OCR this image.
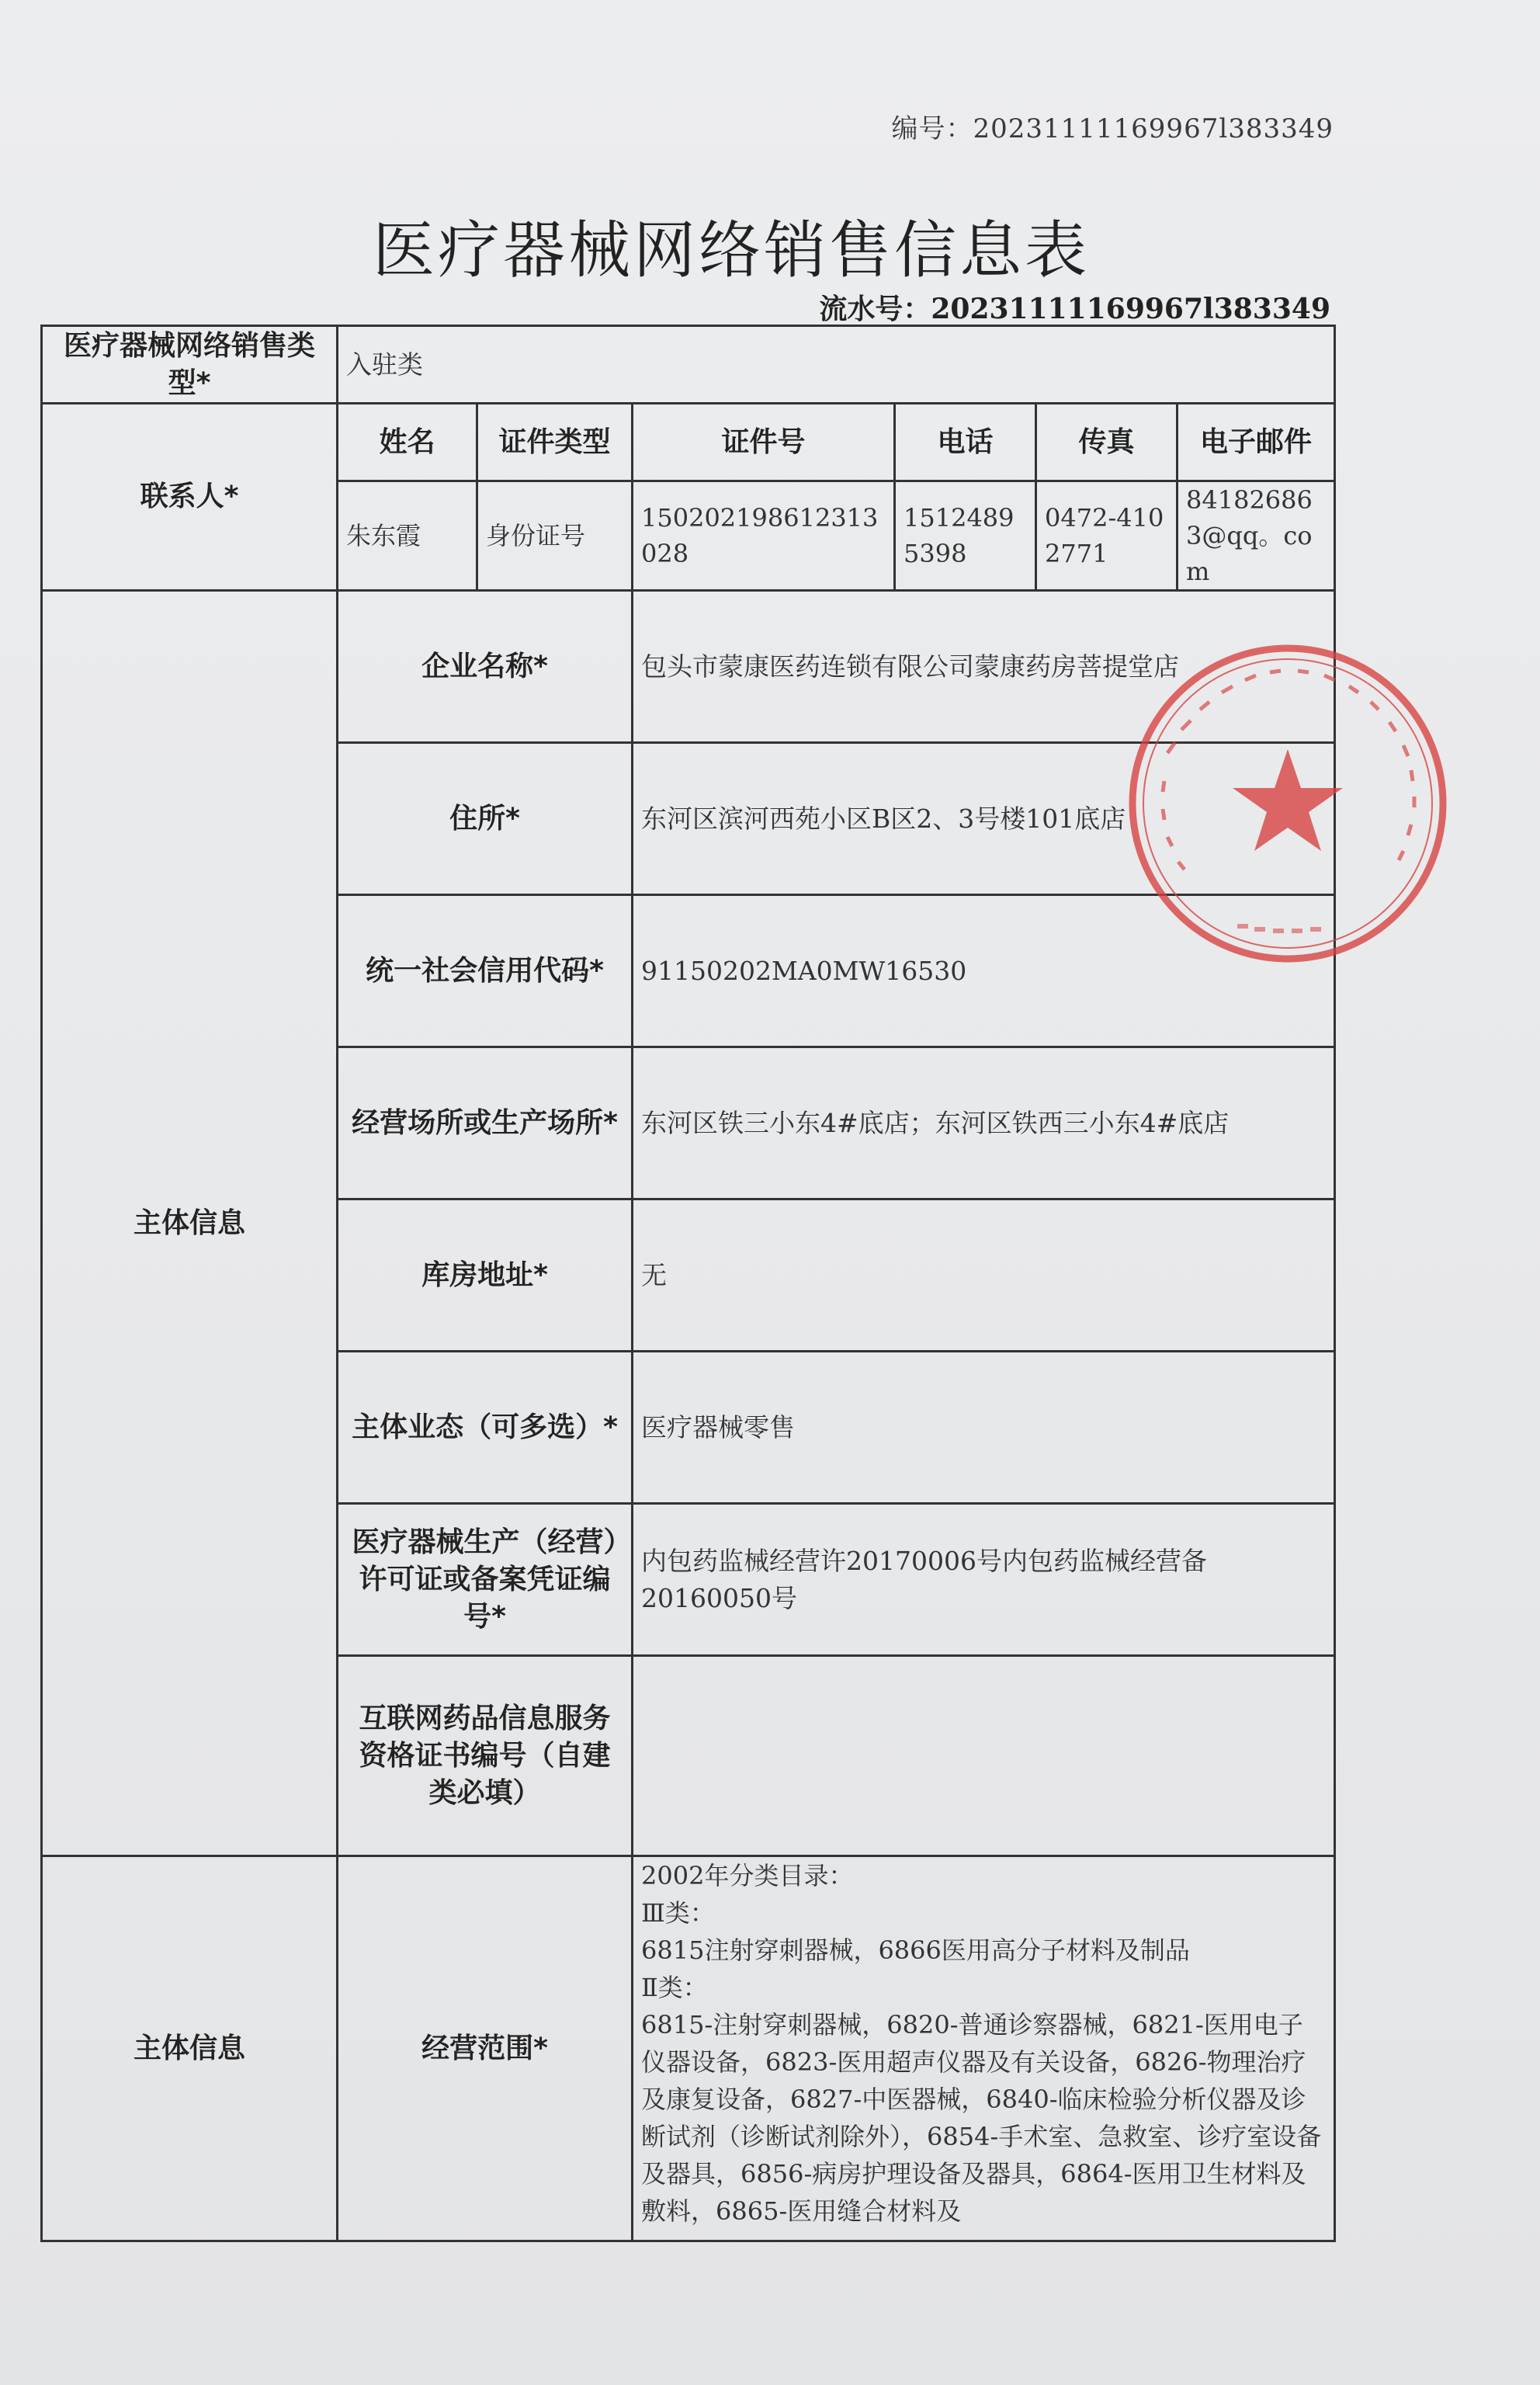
编号：20231111169967l383349
医疗器械网络销售信息表
流水号：20231111169967l383349
医疗器械网络销售类型*	入驻类					
联系人*	姓名	证件类型	证件号	电话	传真	电子邮件
	朱东霞	身份证号	150202198612313028	15124895398	0472-4102771	841826863@qq。com
主体信息	企业名称*		包头市蒙康医药连锁有限公司蒙康药房菩提堂店			
	住所*		东河区滨河西苑小区B区2、3号楼101底店			
	统一社会信用代码*		91150202MA0MW16530			
	经营场所或生产场所*		东河区铁三小东4#底店；东河区铁西三小东4#底店			
	库房地址*		无			
	主体业态（可多选）*		医疗器械零售			
	医疗器械生产（经营）许可证或备案凭证编号*		内包药监械经营许20170006号内包药监械经营备20160050号			
	互联网药品信息服务资格证书编号（自建类必填）					
主体信息	经营范围*		2002年分类目录：
Ⅲ类：
6815注射穿刺器械，6866医用高分子材料及制品
Ⅱ类：
6815-注射穿刺器械，6820-普通诊察器械，6821-医用电子仪器设备，6823-医用超声仪器及有关设备，6826-物理治疗及康复设备，6827-中医器械，6840-临床检验分析仪器及诊断试剂（诊断试剂除外），6854-手术室、急救室、诊疗室设备及器具，6856-病房护理设备及器具，6864-医用卫生材料及敷料，6865-医用缝合材料及			
